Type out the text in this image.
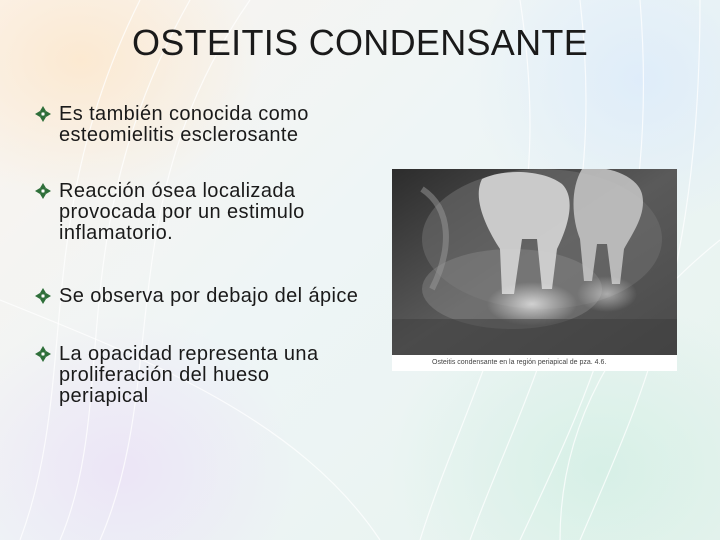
OSTEITIS CONDENSANTE
Es también conocida como
esteomielitis esclerosante
Reacción ósea localizada
provocada por un estimulo
inflamatorio.
Se observa por debajo del ápice
La opacidad representa una
proliferación del hueso
periapical
Osteitis condensante en la región periapical de pza. 4.6.
